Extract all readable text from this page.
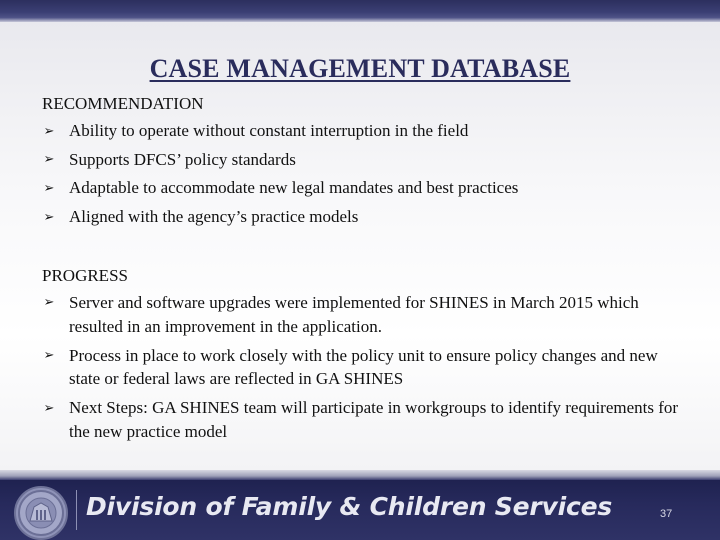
CASE MANAGEMENT DATABASE
RECOMMENDATION
➢ Ability to operate without constant interruption in the field
➢ Supports DFCS’ policy standards
➢ Adaptable to accommodate new legal mandates and best practices
➢ Aligned with the agency’s practice models
PROGRESS
➢ Server and software upgrades were implemented for SHINES in March 2015 which resulted in an improvement in the application.
➢ Process in place to work closely with the policy unit to ensure policy changes and new state or federal laws are reflected in GA SHINES
➢ Next Steps: GA SHINES team will participate in workgroups to identify requirements for the new practice model
Division of Family & Children Services	37
